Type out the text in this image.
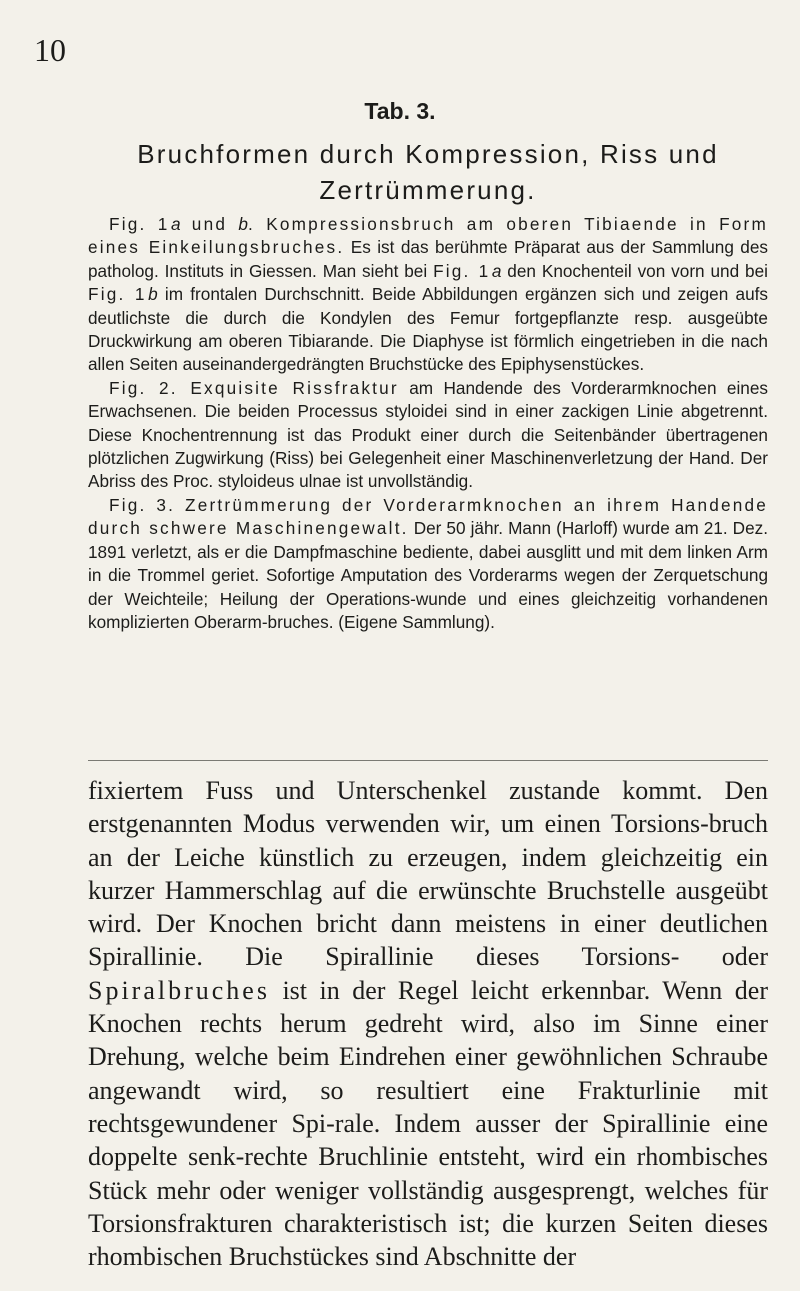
10
Tab. 3.
Bruchformen durch Kompression, Riss und
Zertrümmerung.

Fig. 1 a und b. Kompressionsbruch am oberen Tibiaende in Form eines Einkeilungsbruches. Es ist das berühmte Präparat aus der Sammlung des patholog. Instituts in Giessen. Man sieht bei Fig. 1 a den Knochenteil von vorn und bei Fig. 1 b im frontalen Durchschnitt. Beide Abbildungen ergänzen sich und zeigen aufs deutlichste die durch die Kondylen des Femur fortgepflanzte resp. ausgeübte Druckwirkung am oberen Tibiarande. Die Diaphyse ist förmlich eingetrieben in die nach allen Seiten auseinandergedrängten Bruchstücke des Epiphysenstückes.

Fig. 2. Exquisite Rissfraktur am Handende des Vorderarmknochen eines Erwachsenen. Die beiden Processus styloidei sind in einer zackigen Linie abgetrennt. Diese Knochentrennung ist das Produkt einer durch die Seitenbänder übertragenen plötzlichen Zugwirkung (Riss) bei Gelegenheit einer Maschinenverletzung der Hand. Der Abriss des Proc. styloideus ulnae ist unvollständig.

Fig. 3. Zertrümmerung der Vorderarmknochen an ihrem Handende durch schwere Maschinengewalt. Der 50 jähr. Mann (Harloff) wurde am 21. Dez. 1891 verletzt, als er die Dampfmaschine bediente, dabei ausglitt und mit dem linken Arm in die Trommel geriet. Sofortige Amputation des Vorderarms wegen der Zerquetschung der Weichteile; Heilung der Operations-wunde und eines gleichzeitig vorhandenen komplizierten Oberarm-bruches. (Eigene Sammlung).

fixiertem Fuss und Unterschenkel zustande kommt. Den erstgenannten Modus verwenden wir, um einen Torsions-bruch an der Leiche künstlich zu erzeugen, indem gleichzeitig ein kurzer Hammerschlag auf die erwünschte Bruchstelle ausgeübt wird. Der Knochen bricht dann meistens in einer deutlichen Spirallinie. Die Spirallinie dieses Torsions- oder Spiralbruches ist in der Regel leicht erkennbar. Wenn der Knochen rechts herum gedreht wird, also im Sinne einer Drehung, welche beim Eindrehen einer gewöhnlichen Schraube angewandt wird, so resultiert eine Frakturlinie mit rechtsgewundener Spi-rale. Indem ausser der Spirallinie eine doppelte senk-rechte Bruchlinie entsteht, wird ein rhombisches Stück mehr oder weniger vollständig ausgesprengt, welches für Torsionsfrakturen charakteristisch ist; die kurzen Seiten dieses rhombischen Bruchstückes sind Abschnitte der
